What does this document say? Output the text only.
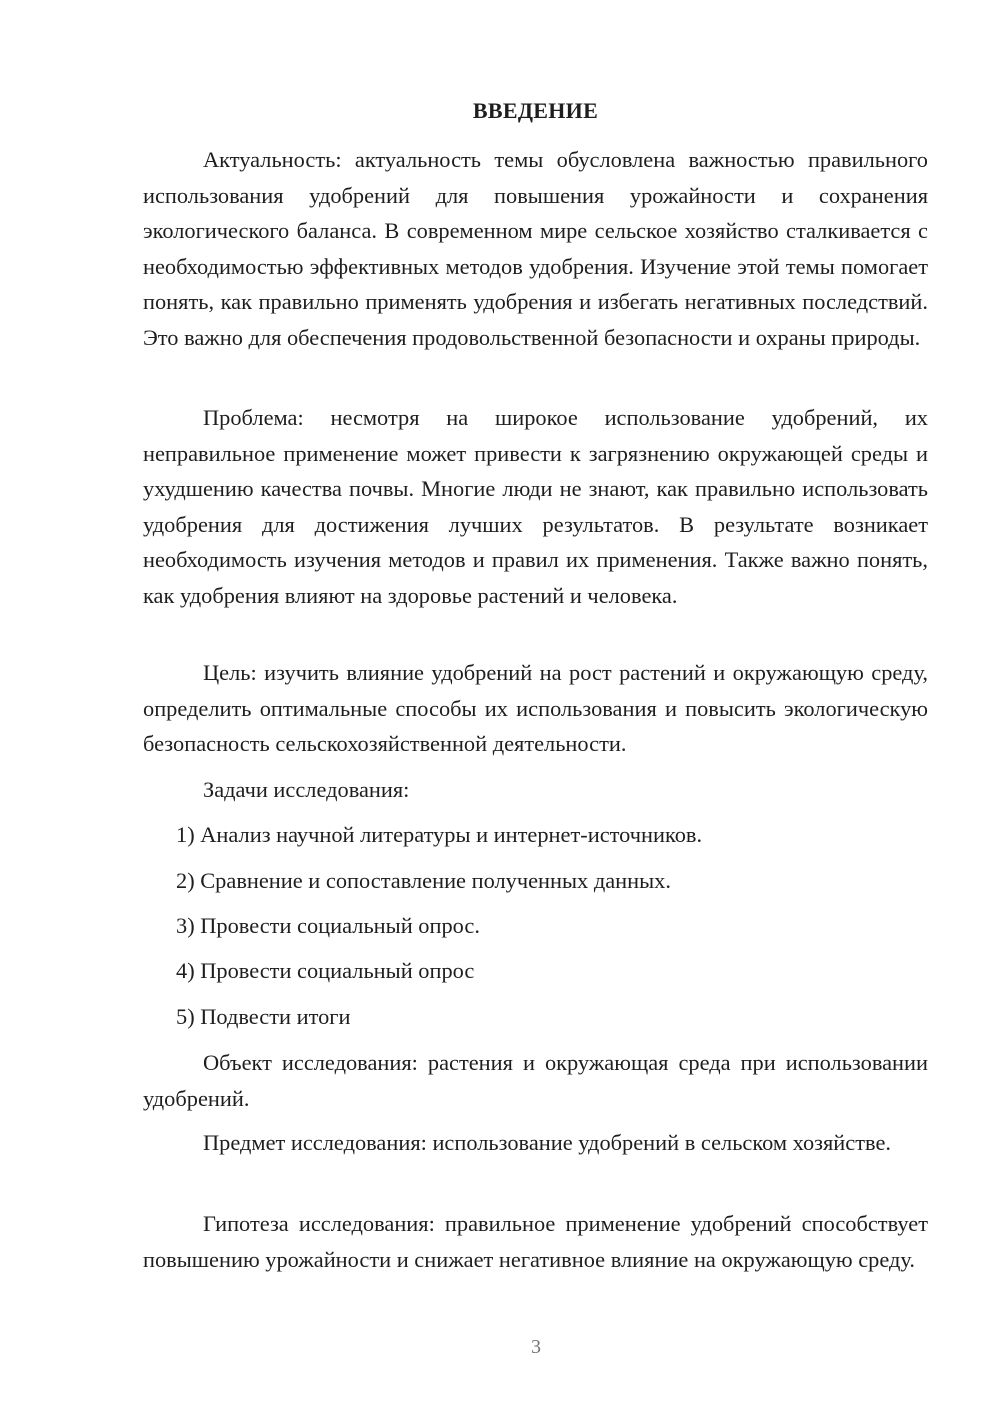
ВВЕДЕНИЕ

Актуальность: актуальность темы обусловлена важностью правильного использования удобрений для повышения урожайности и сохранения экологического баланса. В современном мире сельское хозяйство сталкивается с необходимостью эффективных методов удобрения. Изучение этой темы помогает понять, как правильно применять удобрения и избегать негативных последствий. Это важно для обеспечения продовольственной безопасности и охраны природы.

Проблема: несмотря на широкое использование удобрений, их неправильное применение может привести к загрязнению окружающей среды и ухудшению качества почвы. Многие люди не знают, как правильно использовать удобрения для достижения лучших результатов. В результате возникает необходимость изучения методов и правил их применения. Также важно понять, как удобрения влияют на здоровье растений и человека.

Цель: изучить влияние удобрений на рост растений и окружающую среду, определить оптимальные способы их использования и повысить экологическую безопасность сельскохозяйственной деятельности.

Задачи исследования:

1) Анализ научной литературы и интернет-источников.

2) Сравнение и сопоставление полученных данных.

3) Провести социальный опрос.

4) Провести социальный опрос

5) Подвести итоги

Объект исследования: растения и окружающая среда при использовании удобрений.

Предмет исследования: использование удобрений в сельском хозяйстве.

Гипотеза исследования: правильное применение удобрений способствует повышению урожайности и снижает негативное влияние на окружающую среду.

3
